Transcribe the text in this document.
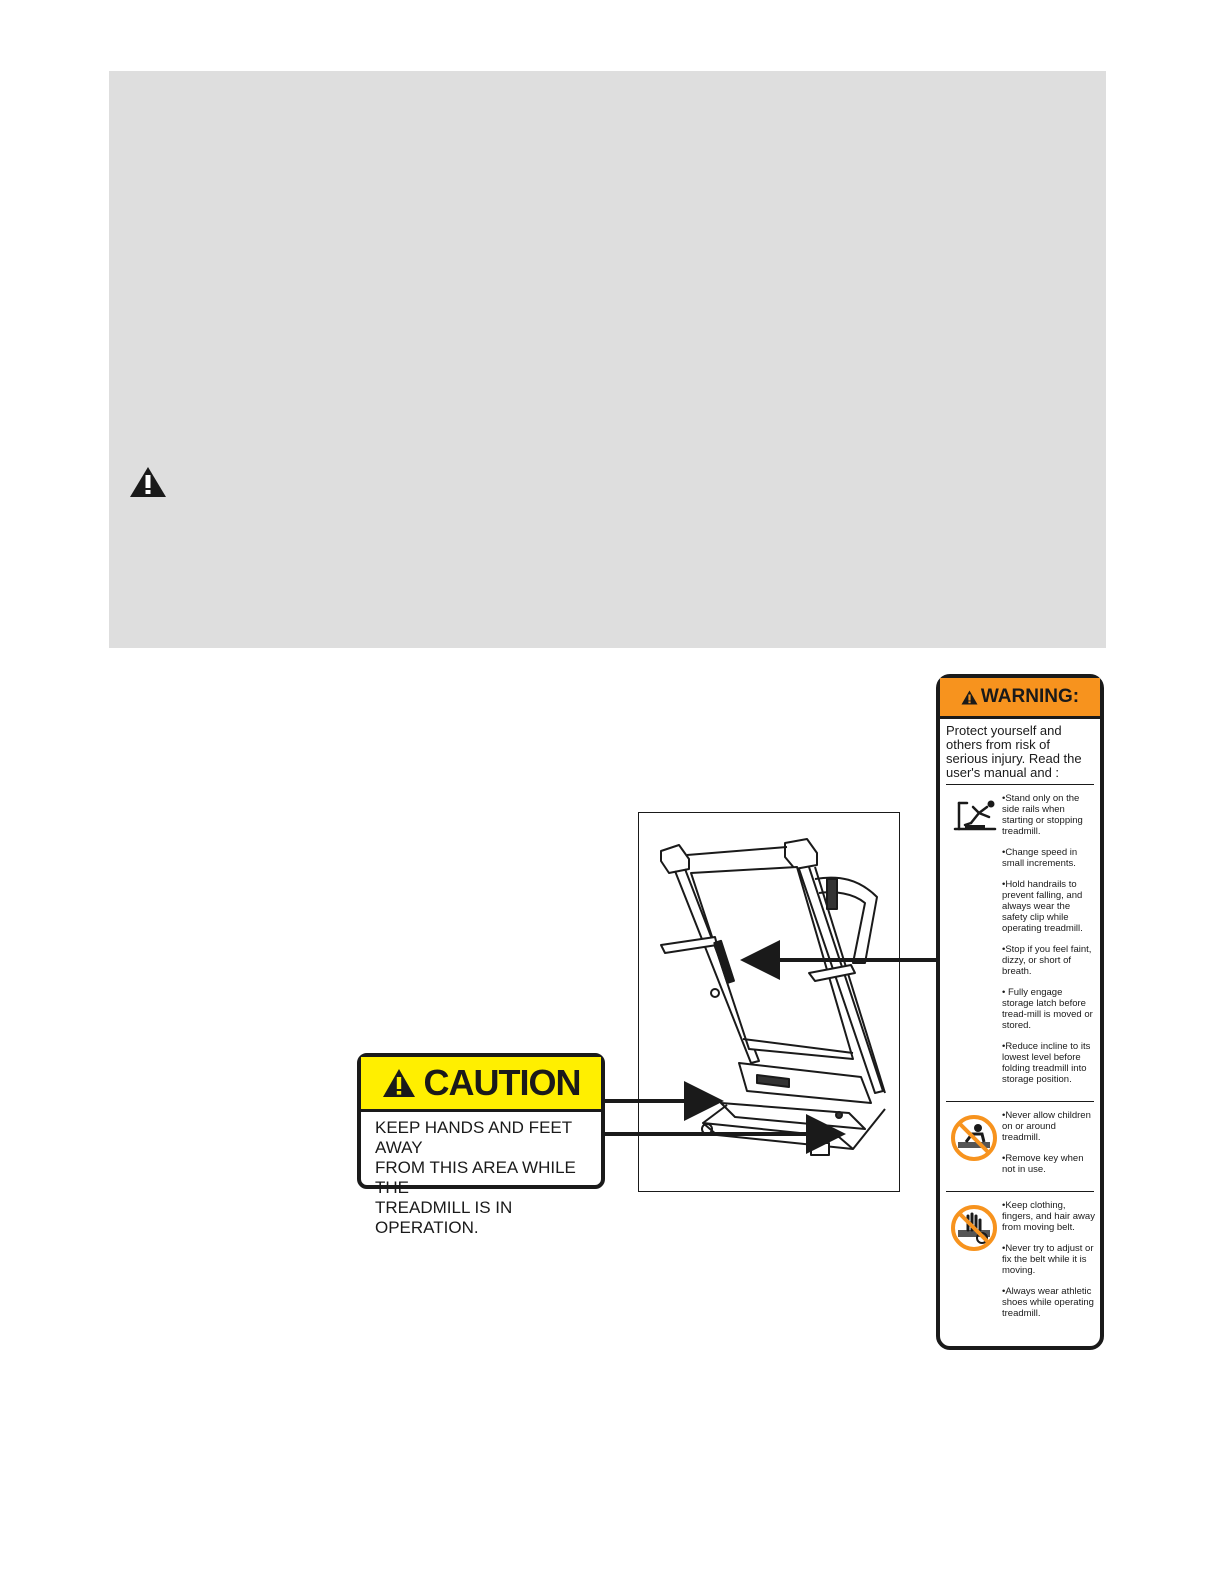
CAUTION
KEEP HANDS AND FEET AWAY
FROM THIS AREA WHILE THE
TREADMILL IS IN OPERATION.
WARNING:
Protect yourself and others from risk of serious injury. Read the user's manual and :
•Stand only on the side rails when starting or stopping treadmill.
•Change speed in small increments.
•Hold handrails to prevent falling, and always wear the safety clip while operating treadmill.
•Stop if you feel faint, dizzy, or short of breath.
• Fully engage storage latch before tread-mill is moved or stored.
•Reduce incline to its lowest level before folding treadmill into storage position.
•Never allow children on or around treadmill.
•Remove key when not in use.
•Keep clothing, fingers, and hair away from moving belt.
•Never try to adjust or fix the belt while it is moving.
•Always wear athletic shoes while operating treadmill.
